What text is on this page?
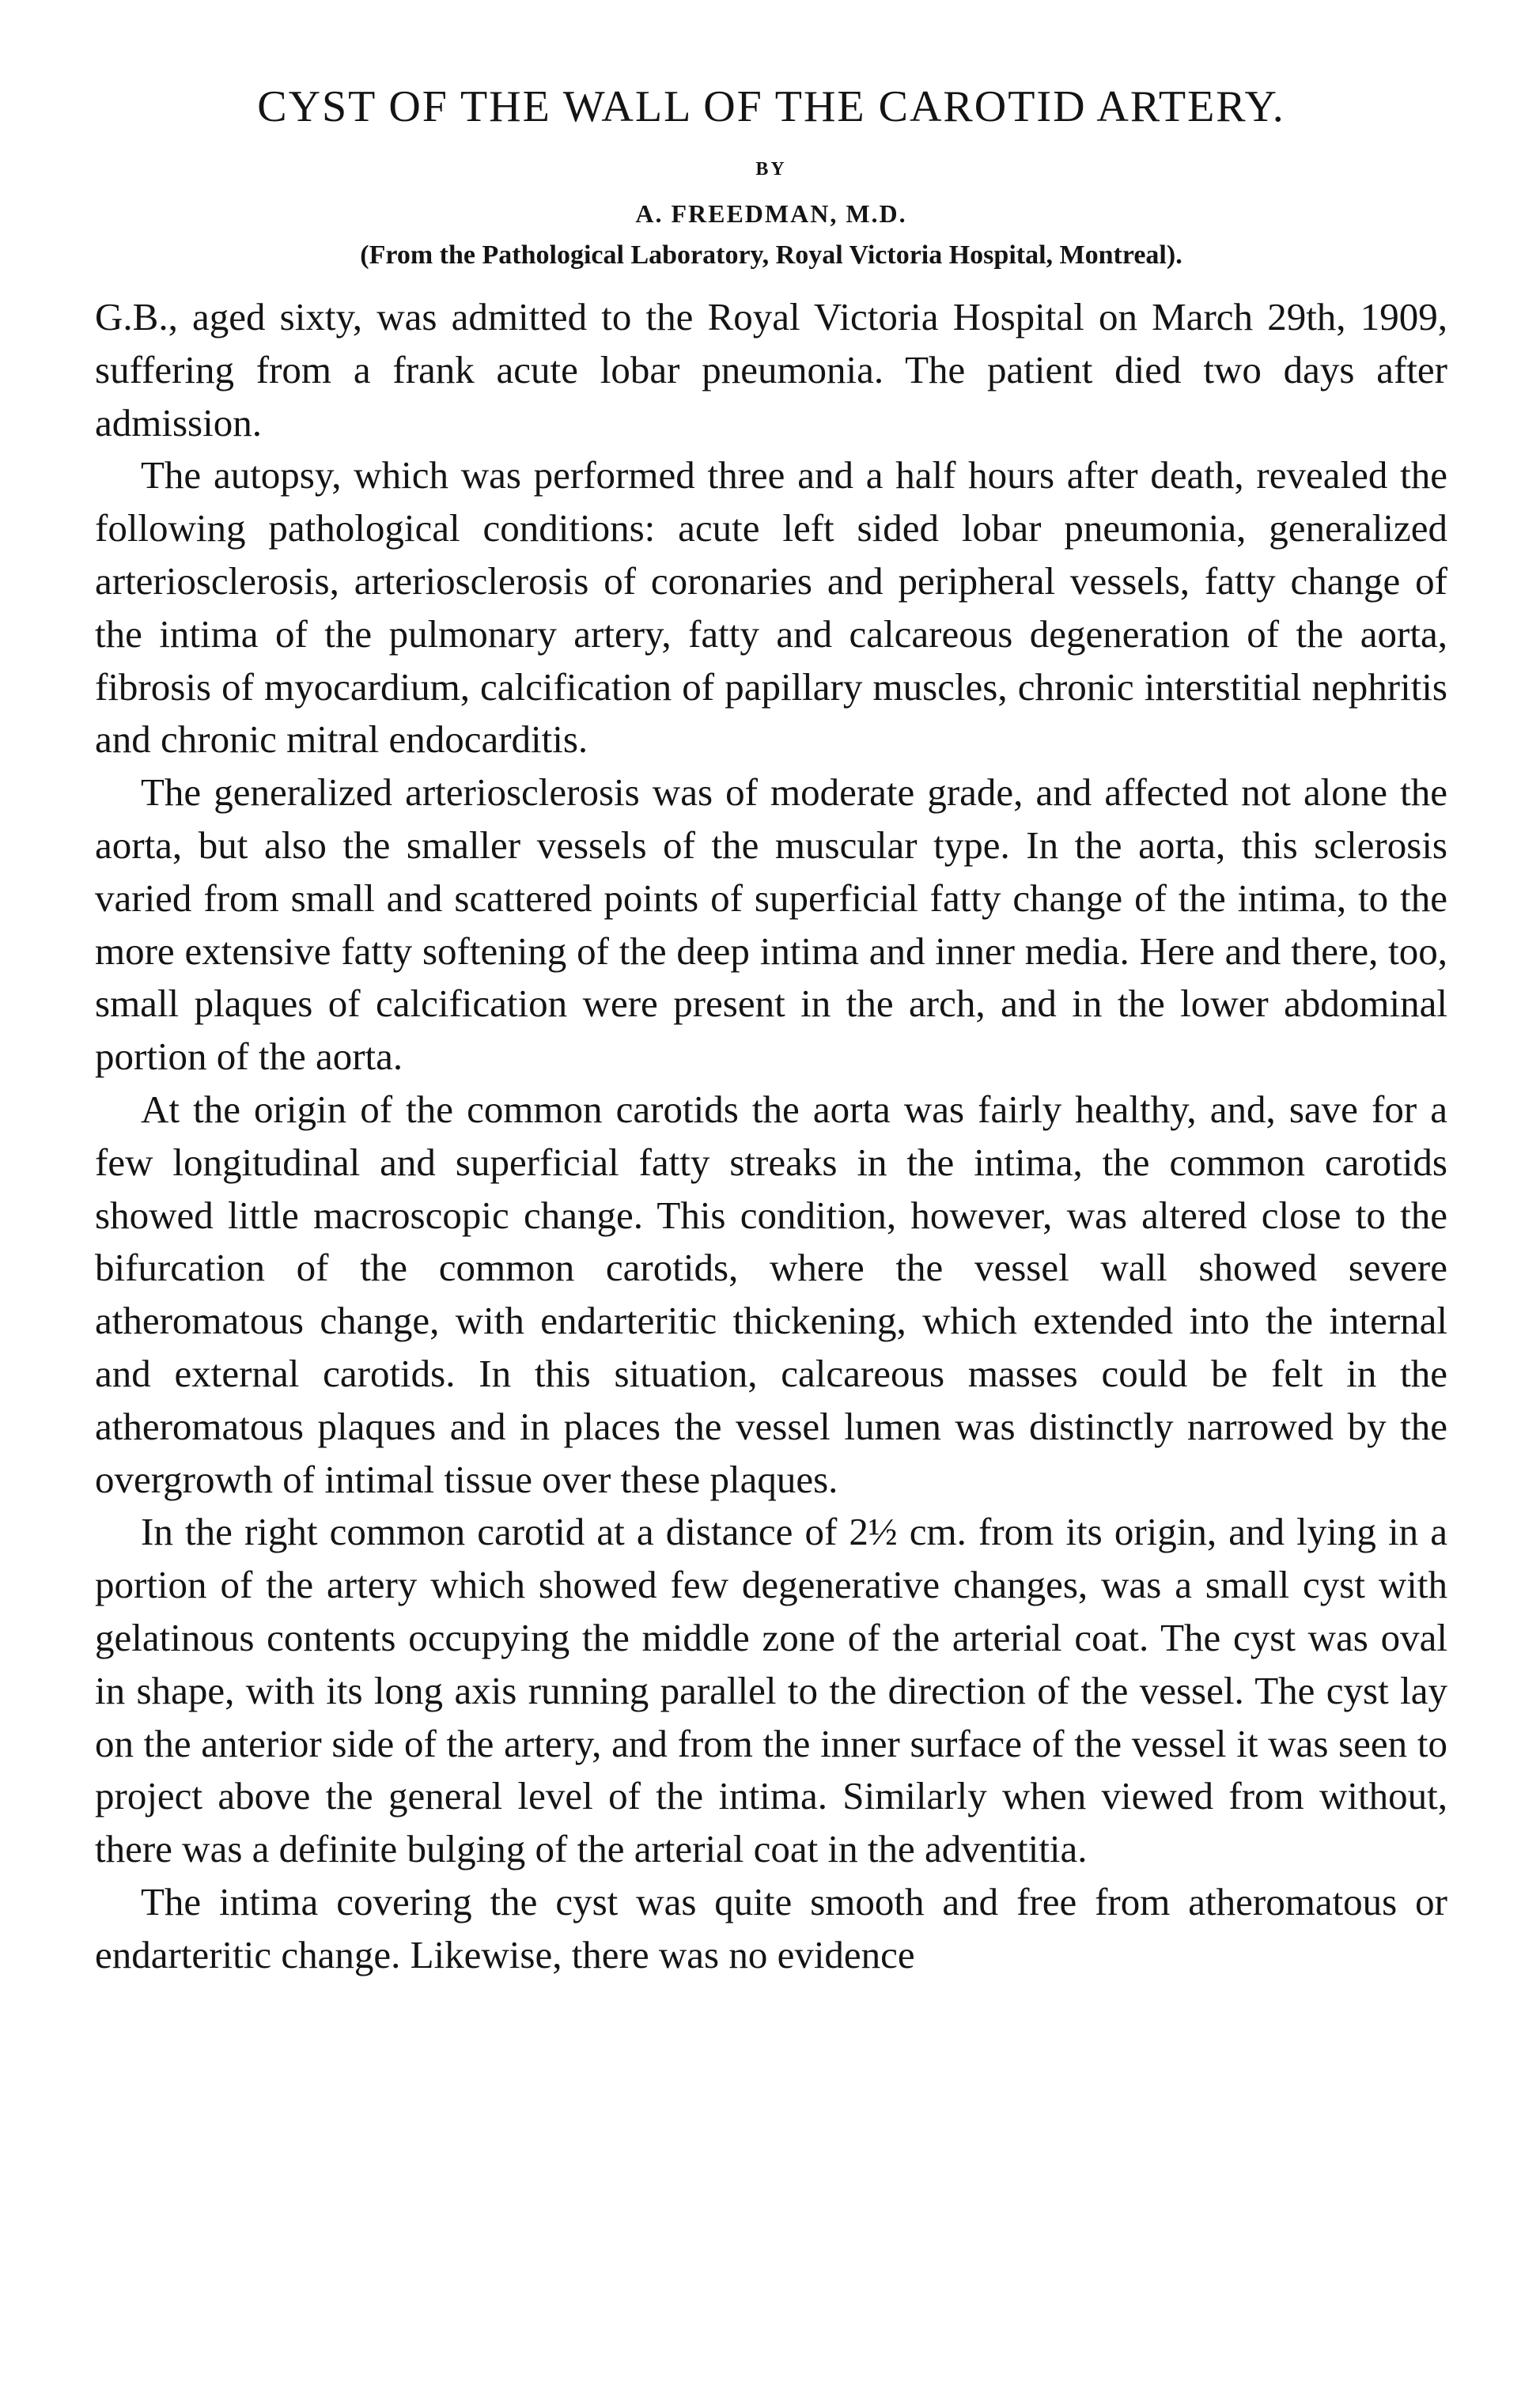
CYST OF THE WALL OF THE CAROTID ARTERY.
BY
A. FREEDMAN, M.D.
(From the Pathological Laboratory, Royal Victoria Hospital, Montreal).

G.B., aged sixty, was admitted to the Royal Victoria Hospital on March 29th, 1909, suffering from a frank acute lobar pneumonia. The patient died two days after admission.

The autopsy, which was performed three and a half hours after death, revealed the following pathological conditions: acute left sided lobar pneumonia, generalized arteriosclerosis, arteriosclerosis of coronaries and peripheral vessels, fatty change of the intima of the pulmonary artery, fatty and calcareous degeneration of the aorta, fibrosis of myocardium, calcification of papillary muscles, chronic interstitial nephritis and chronic mitral endocarditis.

The generalized arteriosclerosis was of moderate grade, and affected not alone the aorta, but also the smaller vessels of the muscular type. In the aorta, this sclerosis varied from small and scattered points of superficial fatty change of the intima, to the more extensive fatty softening of the deep intima and inner media. Here and there, too, small plaques of calcification were present in the arch, and in the lower abdominal portion of the aorta.

At the origin of the common carotids the aorta was fairly healthy, and, save for a few longitudinal and superficial fatty streaks in the intima, the common carotids showed little macroscopic change. This condition, however, was altered close to the bifurcation of the common carotids, where the vessel wall showed severe atheromatous change, with endarteritic thickening, which extended into the internal and external carotids. In this situation, calcareous masses could be felt in the atheromatous plaques and in places the vessel lumen was distinctly narrowed by the overgrowth of intimal tissue over these plaques.

In the right common carotid at a distance of 2½ cm. from its origin, and lying in a portion of the artery which showed few degenerative changes, was a small cyst with gelatinous contents occupying the middle zone of the arterial coat. The cyst was oval in shape, with its long axis running parallel to the direction of the vessel. The cyst lay on the anterior side of the artery, and from the inner surface of the vessel it was seen to project above the general level of the intima. Similarly when viewed from without, there was a definite bulging of the arterial coat in the adventitia.

The intima covering the cyst was quite smooth and free from atheromatous or endarteritic change. Likewise, there was no evidence
